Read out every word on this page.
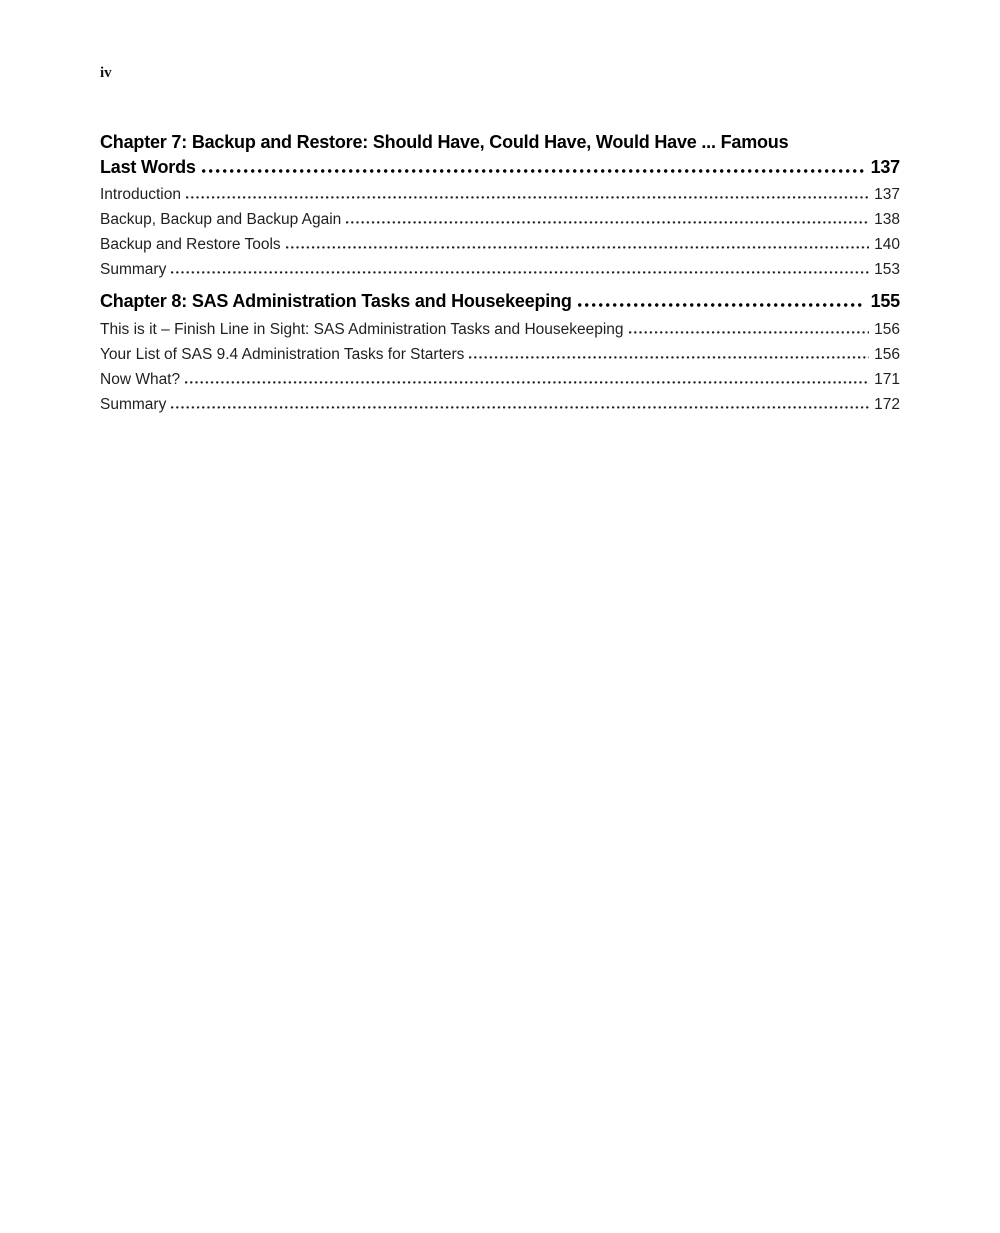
iv
Chapter 7: Backup and Restore: Should Have, Could Have, Would Have ... Famous
Last Words	137
Introduction	137
Backup, Backup and Backup Again	138
Backup and Restore Tools	140
Summary	153
Chapter 8: SAS Administration Tasks and Housekeeping	155
This is it – Finish Line in Sight: SAS Administration Tasks and Housekeeping	156
Your List of SAS 9.4 Administration Tasks for Starters	156
Now What?	171
Summary	172
